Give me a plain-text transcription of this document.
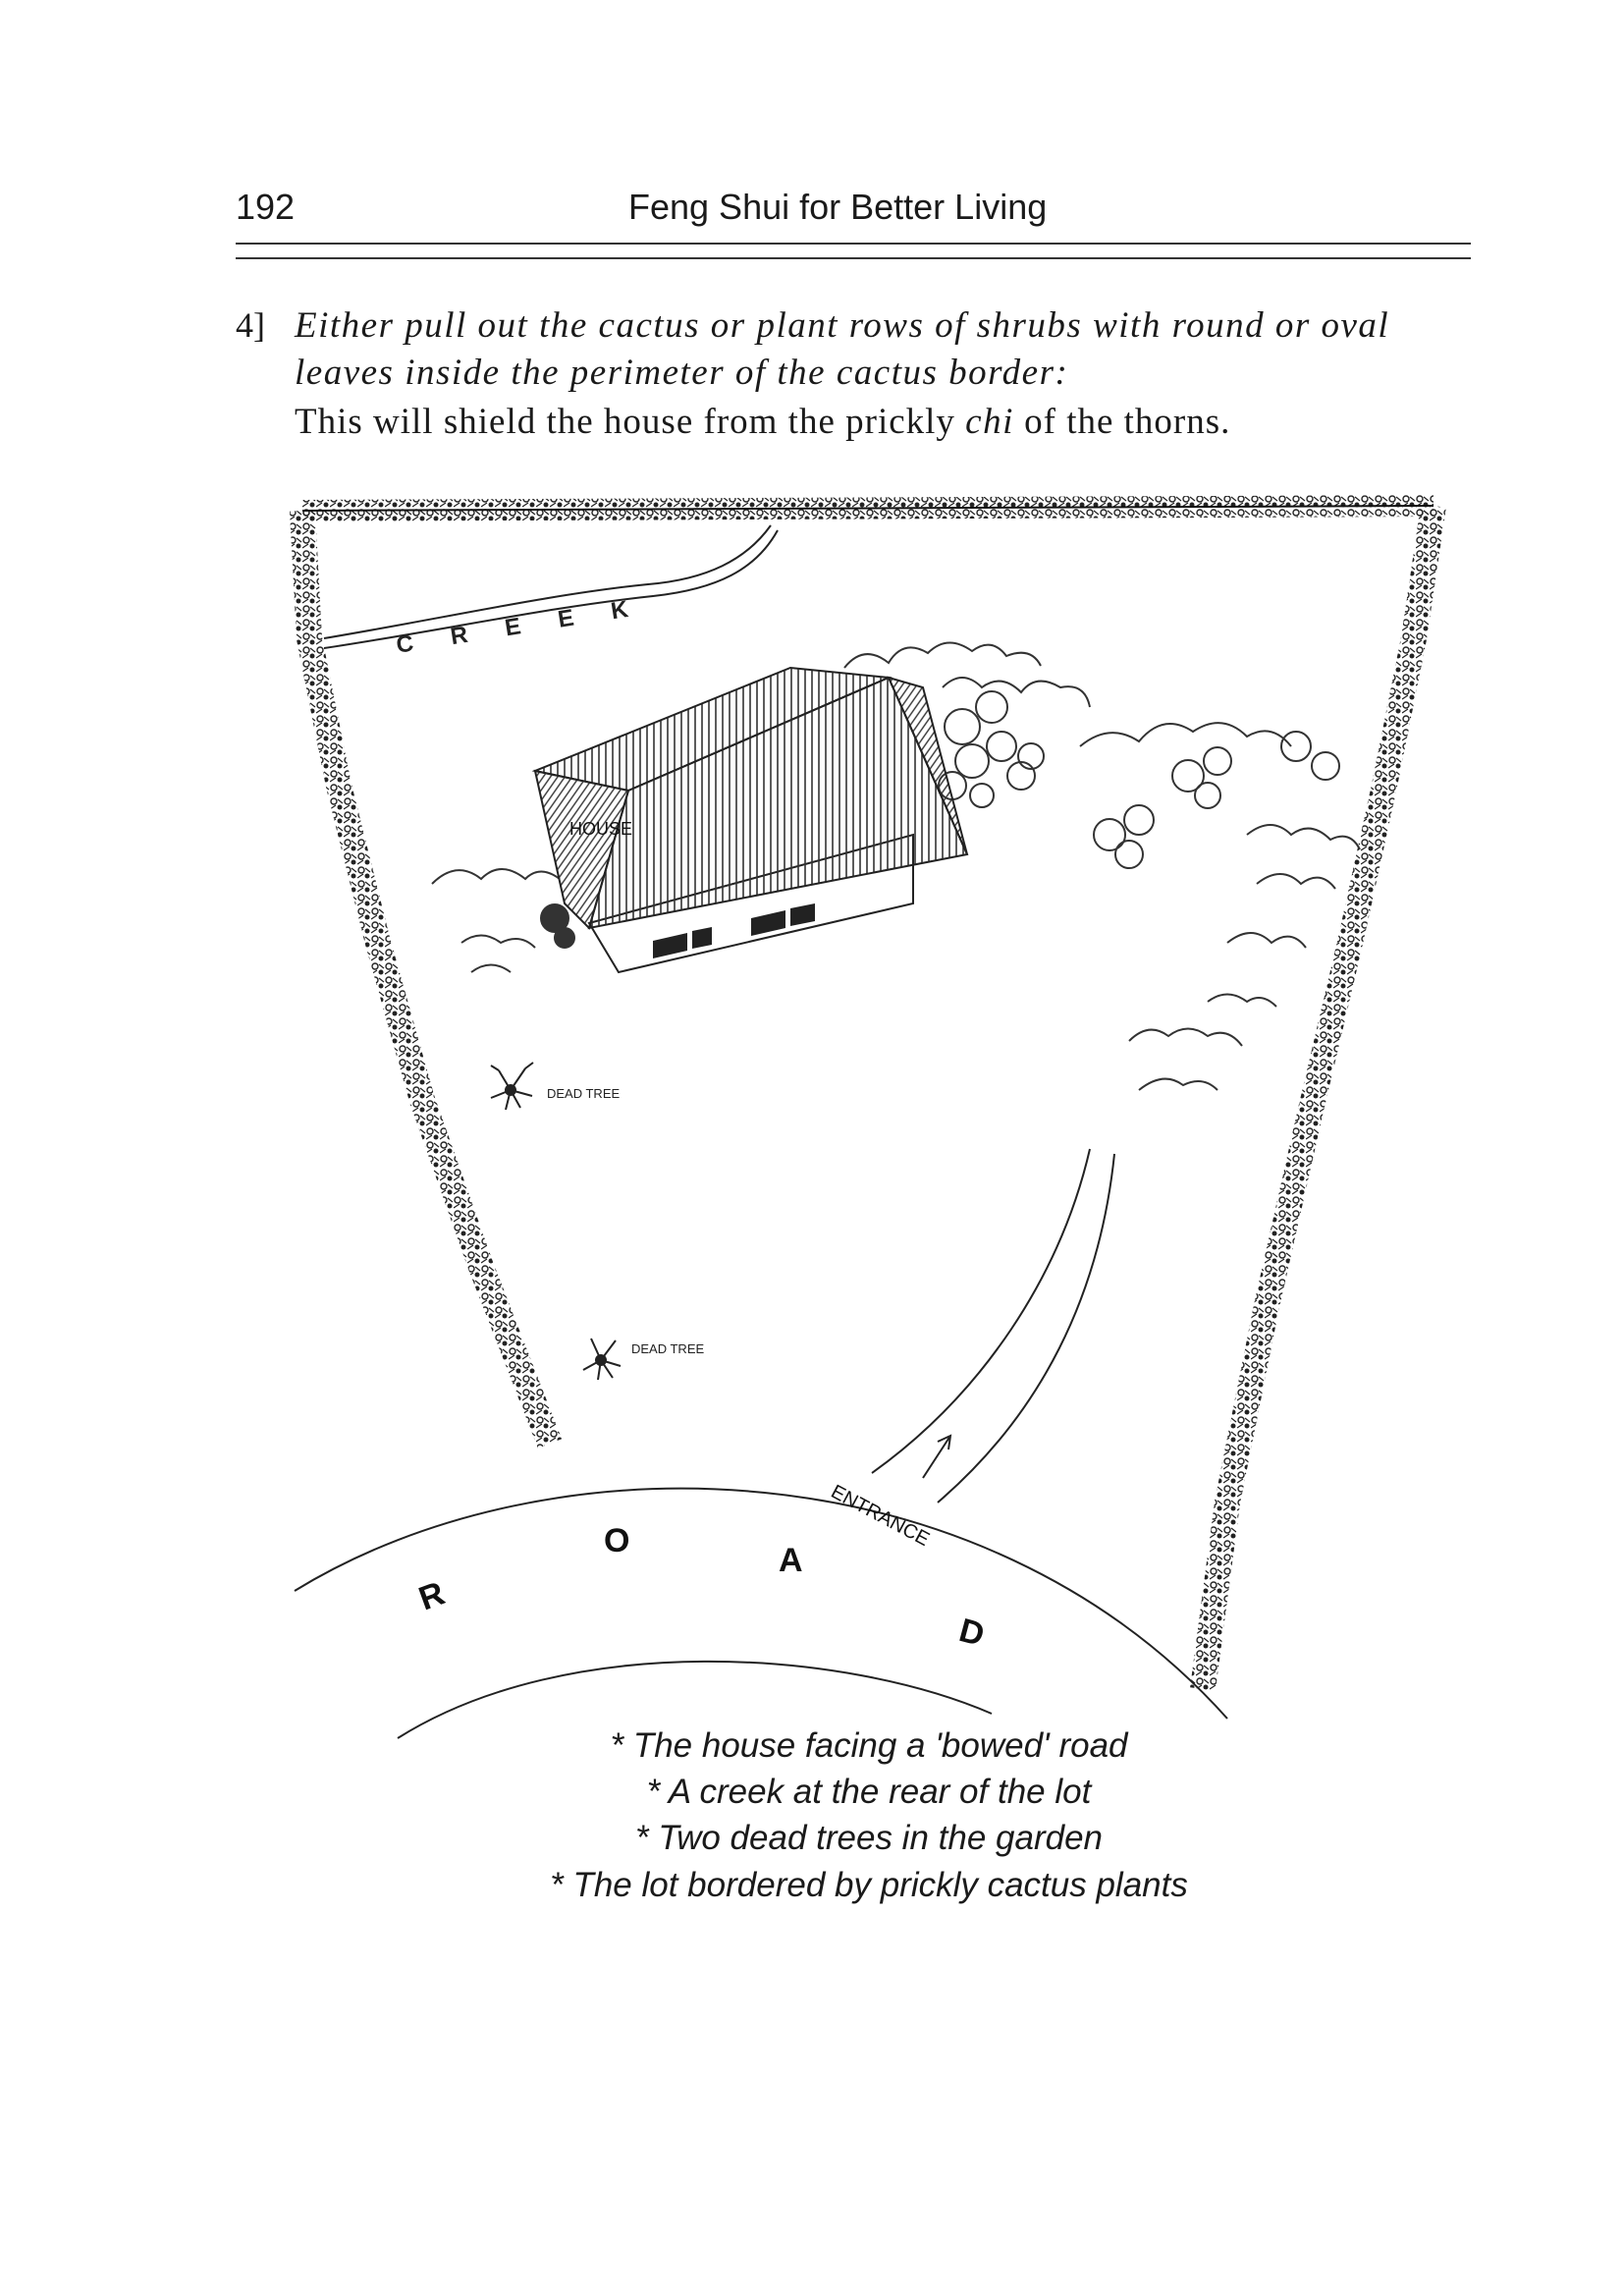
192	Feng Shui for Better Living
4] Either pull out the cactus or plant rows of shrubs with round or oval
leaves inside the perimeter of the cactus border:
This will shield the house from the prickly chi of the thorns.
C R E E K
HOUSE
DEAD TREE
DEAD TREE
ENTRANCE
R
O
A
D
* The house facing a 'bowed' road
* A creek at the rear of the lot
* Two dead trees in the garden
* The lot bordered by prickly cactus plants
